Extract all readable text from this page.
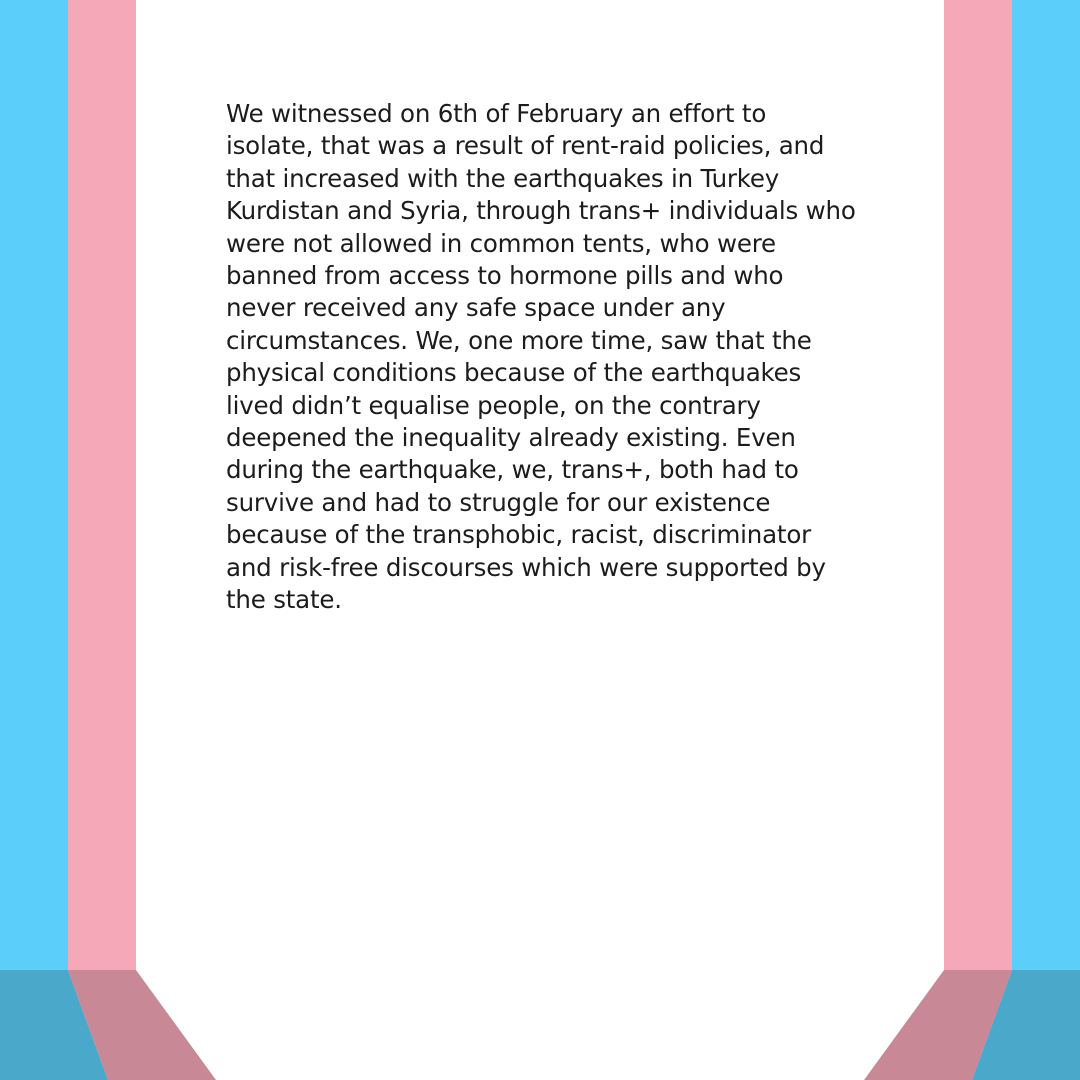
We witnessed on 6th of February an effort to
isolate, that was a result of rent-raid policies, and
that increased with the earthquakes in Turkey
Kurdistan and Syria, through trans+ individuals who
were not allowed in common tents, who were
banned from access to hormone pills and who
never received any safe space under any
circumstances. We, one more time, saw that the
physical conditions because of the earthquakes
lived didn’t equalise people, on the contrary
deepened the inequality already existing. Even
during the earthquake, we, trans+, both had to
survive and had to struggle for our existence
because of the transphobic, racist, discriminator
and risk-free discourses which were supported by
the state.
